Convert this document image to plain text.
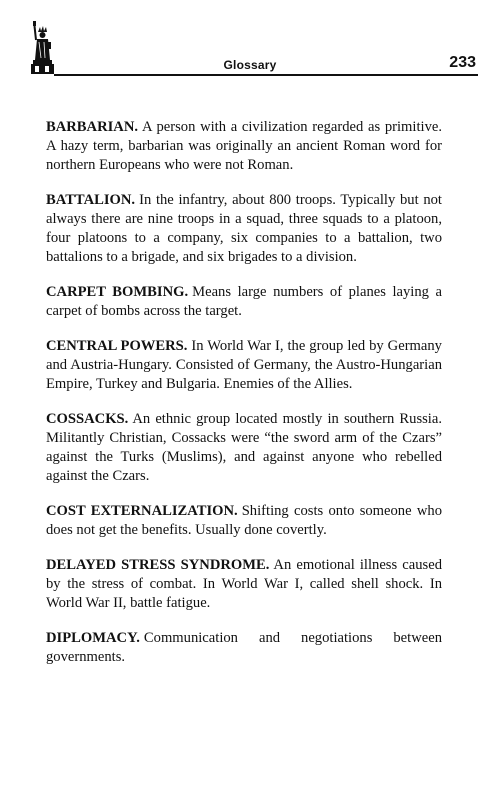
Glossary	233

BARBARIAN. A person with a civilization regarded as primitive. A hazy term, barbarian was originally an ancient Roman word for northern Europeans who were not Roman.

BATTALION. In the infantry, about 800 troops. Typically but not always there are nine troops in a squad, three squads to a platoon, four platoons to a company, six companies to a battalion, two battalions to a brigade, and six brigades to a division.

CARPET BOMBING. Means large numbers of planes laying a carpet of bombs across the target.

CENTRAL POWERS. In World War I, the group led by Germany and Austria-Hungary. Consisted of Germany, the Austro-Hungarian Empire, Turkey and Bulgaria. Enemies of the Allies.

COSSACKS. An ethnic group located mostly in southern Russia. Militantly Christian, Cossacks were “the sword arm of the Czars” against the Turks (Muslims), and against anyone who rebelled against the Czars.

COST EXTERNALIZATION. Shifting costs onto someone who does not get the benefits. Usually done covertly.

DELAYED STRESS SYNDROME. An emotional illness caused by the stress of combat. In World War I, called shell shock. In World War II, battle fatigue.

DIPLOMACY. Communication and negotiations between governments.
